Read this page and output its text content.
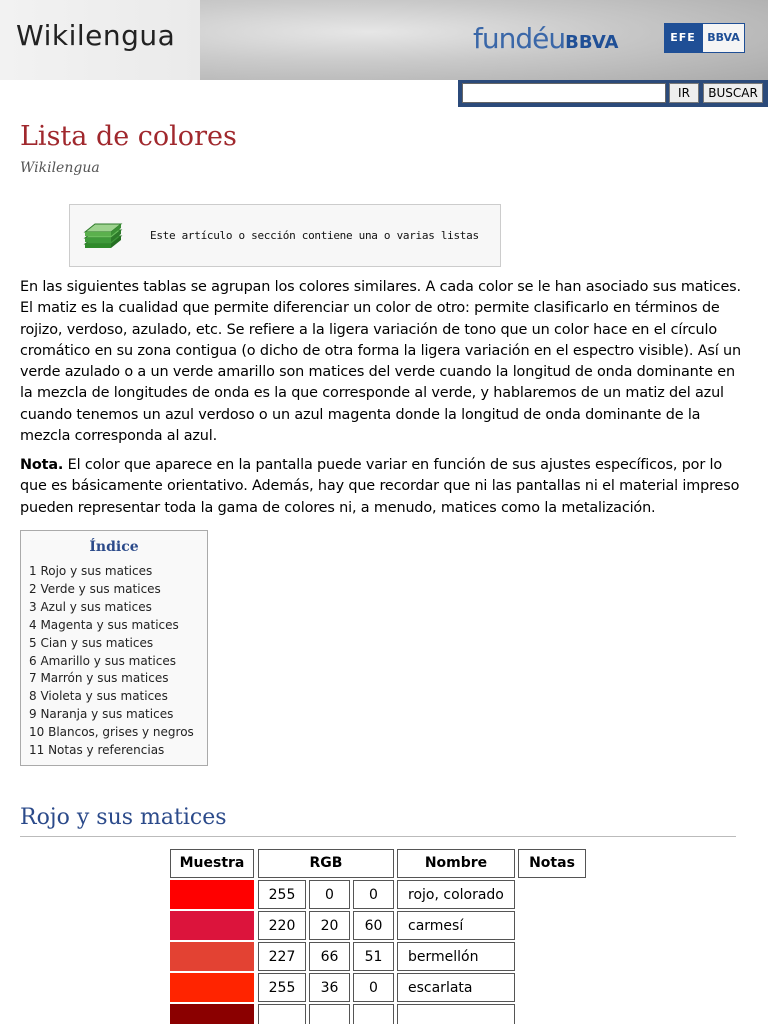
Wikilengua	fundéuBBVA	EFE	BBVA
IR	BUSCAR
Lista de colores
Wikilengua
Este artículo o sección contiene una o varias listas
En las siguientes tablas se agrupan los colores similares. A cada color se le han asociado sus matices. El matiz es la cualidad que permite diferenciar un color de otro: permite clasificarlo en términos de rojizo, verdoso, azulado, etc. Se refiere a la ligera variación de tono que un color hace en el círculo cromático en su zona contigua (o dicho de otra forma la ligera variación en el espectro visible). Así un verde azulado o a un verde amarillo son matices del verde cuando la longitud de onda dominante en la mezcla de longitudes de onda es la que corresponde al verde, y hablaremos de un matiz del azul cuando tenemos un azul verdoso o un azul magenta donde la longitud de onda dominante de la mezcla corresponda al azul.
Nota. El color que aparece en la pantalla puede variar en función de sus ajustes específicos, por lo que es básicamente orientativo. Además, hay que recordar que ni las pantallas ni el material impreso pueden representar toda la gama de colores ni, a menudo, matices como la metalización.
Índice
1 Rojo y sus matices
2 Verde y sus matices
3 Azul y sus matices
4 Magenta y sus matices
5 Cian y sus matices
6 Amarillo y sus matices
7 Marrón y sus matices
8 Violeta y sus matices
9 Naranja y sus matices
10 Blancos, grises y negros
11 Notas y referencias
Rojo y sus matices
Muestra	RGB	Nombre	Notas
255	0	0	rojo, colorado
220	20	60	carmesí
227	66	51	bermellón
255	36	0	escarlata
